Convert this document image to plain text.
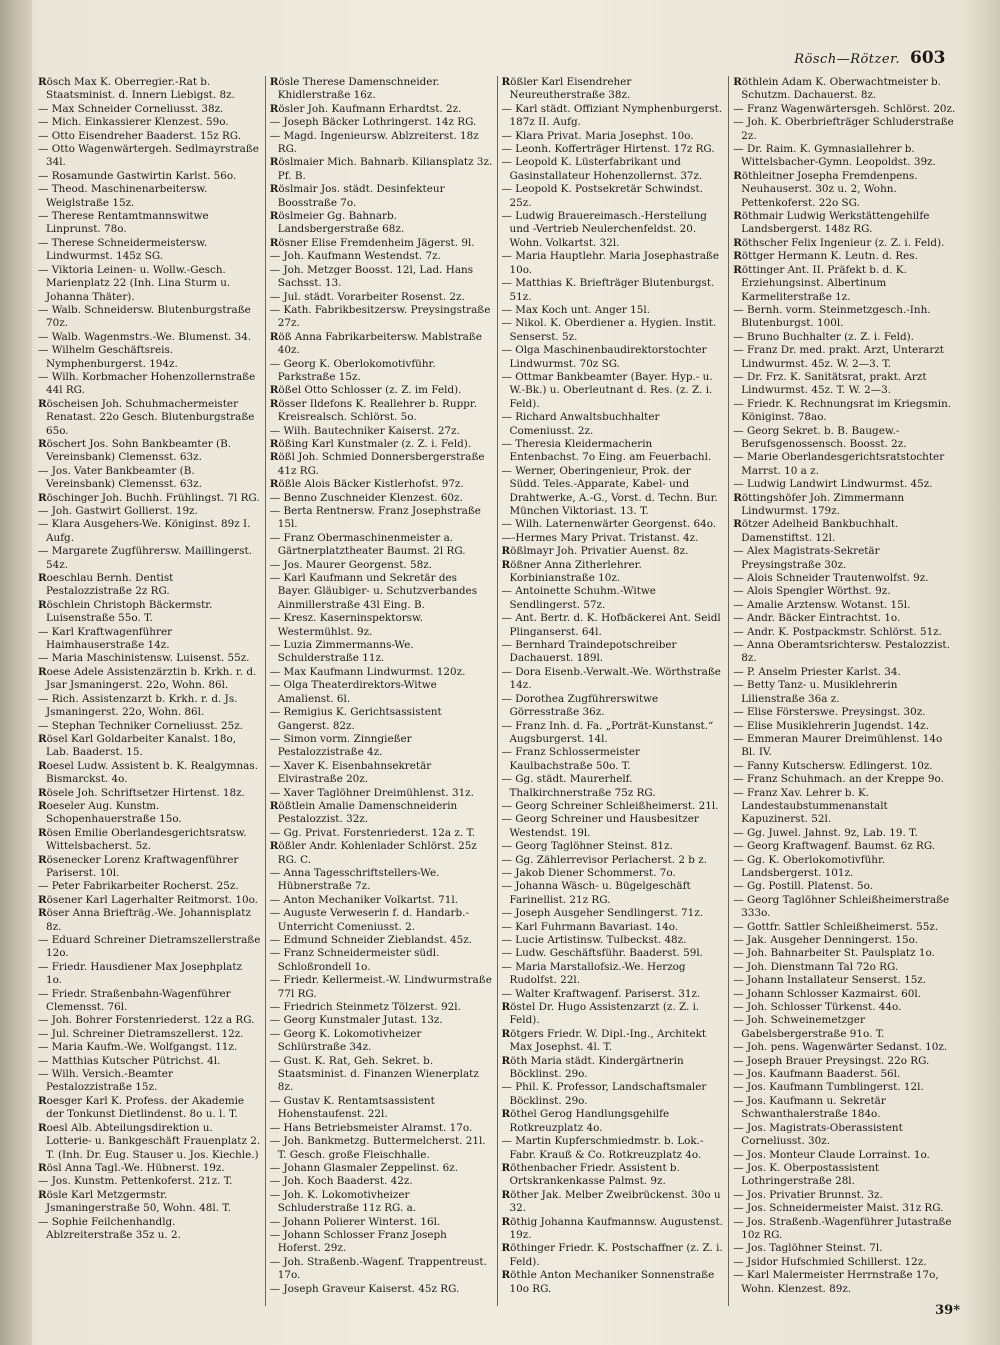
Rösch—Rötzer. 603
Rösch Max K. Oberregier.-Rat b. Staatsminist. d. Innern Liebigst. 8z.
— Max Schneider Corneliusst. 38z.
— Mich. Einkassierer Klenzest. 59o.
— Otto Eisendreher Baaderst. 15z RG.
— Otto Wagenwärtergeh. Sedlmayrstraße 34l.
— Rosamunde Gastwirtin Karlst. 56o.
— Theod. Maschinenarbeitersw. Weiglstraße 15z.
— Therese Rentamtmannswitwe Linprunst. 78o.
— Therese Schneidermeistersw. Lindwurmst. 145z SG.
— Viktoria Leinen- u. Wollw.-Gesch. Marienplatz 22 (Inh. Lina Sturm u. Johanna Thäter).
— Walb. Schneidersw. Blutenburgstraße 70z.
— Walb. Wagenmstrs.-We. Blumenst. 34.
— Wilhelm Geschäftsreis. Nymphenburgerst. 194z.
— Wilh. Korbmacher Hohenzollernstraße 44l RG.
Röscheisen Joh. Schuhmachermeister Renatast. 22o Gesch. Blutenburgstraße 65o.
Röschert Jos. Sohn Bankbeamter (B. Vereinsbank) Clemensst. 63z.
— Jos. Vater Bankbeamter (B. Vereinsbank) Clemensst. 63z.
Röschinger Joh. Buchh. Frühlingst. 7l RG.
— Joh. Gastwirt Gollierst. 19z.
— Klara Ausgehers-We. Königinst. 89z I. Aufg.
— Margarete Zugführersw. Maillingerst. 54z.
Roeschlau Bernh. Dentist Pestalozzistraße 2z RG.
Röschlein Christoph Bäckermstr. Luisenstraße 55o. T.
— Karl Kraftwagenführer Haimhauserstraße 14z.
— Maria Maschinistensw. Luisenst. 55z.
Roese Adele Assistenzärztin b. Krkh. r. d. Jsar Jsmaningerst. 22o, Wohn. 86l.
— Rich. Assistenzarzt b. Krkh. r. d. Js. Jsmaningerst. 22o, Wohn. 86l.
— Stephan Techniker Corneliusst. 25z.
Rösel Karl Goldarbeiter Kanalst. 18o, Lab. Baaderst. 15.
Roesel Ludw. Assistent b. K. Realgymnas. Bismarckst. 4o.
Rösele Joh. Schriftsetzer Hirtenst. 18z.
Roeseler Aug. Kunstm. Schopenhauerstraße 15o.
Rösen Emilie Oberlandesgerichtsratsw. Wittelsbacherst. 5z.
Rösenecker Lorenz Kraftwagenführer Pariserst. 10l.
— Peter Fabrikarbeiter Rocherst. 25z.
Rösener Karl Lagerhalter Reitmorst. 10o.
Röser Anna Briefträg.-We. Johannisplatz 8z.
— Eduard Schreiner Dietramszellerstraße 12o.
— Friedr. Hausdiener Max Josephplatz 1o.
— Friedr. Straßenbahn-Wagenführer Clemensst. 76l.
— Joh. Bohrer Forstenriederst. 12z a RG.
— Jul. Schreiner Dietramszellerst. 12z.
— Maria Kaufm.-We. Wolfgangst. 11z.
— Matthias Kutscher Pütrichst. 4l.
— Wilh. Versich.-Beamter Pestalozzistraße 15z.
Roesger Karl K. Profess. der Akademie der Tonkunst Dietlindenst. 8o u. l. T.
Roesl Alb. Abteilungsdirektion u. Lotterie- u. Bankgeschäft Frauenplatz 2. T. (Inh. Dr. Eug. Stauser u. Jos. Kiechle.)
Rösl Anna Tagl.-We. Hübnerst. 19z.
— Jos. Kunstm. Pettenkoferst. 21z. T.
Rösle Karl Metzgermstr. Jsmaningerstraße 50, Wohn. 48l. T.
— Sophie Feilchenhandlg. Ablzreiterstraße 35z u. 2.
Rösle Therese Damenschneider. Khidlerstraße 16z.
Rösler Joh. Kaufmann Erhardtst. 2z.
— Joseph Bäcker Lothringerst. 14z RG.
— Magd. Ingenieursw. Ablzreiterst. 18z RG.
Röslmaier Mich. Bahnarb. Kiliansplatz 3z. Pf. B.
Röslmair Jos. städt. Desinfekteur Boosstraße 7o.
Röslmeier Gg. Bahnarb. Landsbergerstraße 68z.
Rösner Elise Fremdenheim Jägerst. 9l.
— Joh. Kaufmann Westendst. 7z.
— Joh. Metzger Boosst. 12l, Lad. Hans Sachsst. 13.
— Jul. städt. Vorarbeiter Rosenst. 2z.
— Kath. Fabrikbesitzersw. Preysingstraße 27z.
Röß Anna Fabrikarbeitersw. Mablstraße 40z.
— Georg K. Oberlokomotivführ. Parkstraße 15z.
Rößel Otto Schlosser (z. Z. im Feld).
Rösser Ildefons K. Reallehrer b. Ruppr. Kreisrealsch. Schlörst. 5o.
— Wilh. Bautechniker Kaiserst. 27z.
Rößing Karl Kunstmaler (z. Z. i. Feld).
Rößl Joh. Schmied Donnersbergerstraße 41z RG.
Rößle Alois Bäcker Kistlerhofst. 97z.
— Benno Zuschneider Klenzest. 60z.
— Berta Rentnersw. Franz Josephstraße 15l.
— Franz Obermaschinenmeister a. Gärtnerplatztheater Baumst. 2l RG.
— Jos. Maurer Georgenst. 58z.
— Karl Kaufmann und Sekretär des Bayer. Gläubiger- u. Schutzverbandes Ainmillerstraße 43l Eing. B.
— Kresz. Kaserninspektorsw. Westermühlst. 9z.
— Luzia Zimmermanns-We. Schulderstraße 11z.
— Max Kaufmann Lindwurmst. 120z.
— Olga Theaterdirektors-Witwe Amalienst. 6l.
— Remigius K. Gerichtsassistent Gangerst. 82z.
— Simon vorm. Zinngießer Pestalozzistraße 4z.
— Xaver K. Eisenbahnsekretär Elvirastraße 20z.
— Xaver Taglöhner Dreimühlenst. 31z.
Rößtlein Amalie Damenschneiderin Pestalozzist. 32z.
— Gg. Privat. Forstenriederst. 12a z. T.
Rößler Andr. Kohlenlader Schlörst. 25z RG. C.
— Anna Tagesschriftstellers-We. Hübnerstraße 7z.
— Anton Mechaniker Volkartst. 71l.
— Auguste Verweserin f. d. Handarb.-Unterricht Comeniusst. 2.
— Edmund Schneider Zieblandst. 45z.
— Franz Schneidermeister südl. Schloßrondell 1o.
— Friedr. Kellermeist.-W. Lindwurmstraße 77l RG.
— Friedrich Steinmetz Tölzerst. 92l.
— Georg Kunstmaler Jutast. 13z.
— Georg K. Lokomotivheizer Schlürstraße 34z.
— Gust. K. Rat, Geh. Sekret. b. Staatsminist. d. Finanzen Wienerplatz 8z.
— Gustav K. Rentamtsassistent Hohenstaufenst. 22l.
— Hans Betriebsmeister Alramst. 17o.
— Joh. Bankmetzg. Buttermelcherst. 21l. T. Gesch. große Fleischhalle.
— Johann Glasmaler Zeppelinst. 6z.
— Joh. Koch Baaderst. 42z.
— Joh. K. Lokomotivheizer Schluderstraße 11z RG. a.
— Johann Polierer Winterst. 16l.
— Johann Schlosser Franz Joseph Hoferst. 29z.
— Joh. Straßenb.-Wagenf. Trappentreust. 17o.
— Joseph Graveur Kaiserst. 45z RG.
Rößler Karl Eisendreher Neureutherstraße 38z.
— Karl städt. Offiziant Nymphenburgerst. 187z II. Aufg.
— Klara Privat. Maria Josephst. 10o.
— Leonh. Kofferträger Hirtenst. 17z RG.
— Leopold K. Lüsterfabrikant und Gasinstallateur Hohenzollernst. 37z.
— Leopold K. Postsekretär Schwindst. 25z.
— Ludwig Brauereimasch.-Herstellung und -Vertrieb Neulerchenfeldst. 20. Wohn. Volkartst. 32l.
— Maria Hauptlehr. Maria Josephastraße 10o.
— Matthias K. Briefträger Blutenburgst. 51z.
— Max Koch unt. Anger 15l.
— Nikol. K. Oberdiener a. Hygien. Instit. Senserst. 5z.
— Olga Maschinenbaudirektorstochter Lindwurmst. 70z SG.
— Ottmar Bankbeamter (Bayer. Hyp.- u. W.-Bk.) u. Oberleutnant d. Res. (z. Z. i. Feld).
— Richard Anwaltsbuchhalter Comeniusst. 2z.
— Theresia Kleidermacherin Entenbachst. 7o Eing. am Feuerbachl.
— Werner, Oberingenieur, Prok. der Südd. Teles.-Apparate, Kabel- und Drahtwerke, A.-G., Vorst. d. Techn. Bur. München Viktoriast. 13. T.
— Wilh. Laternenwärter Georgenst. 64o.
—-Hermes Mary Privat. Tristanst. 4z.
Rößlmayr Joh. Privatier Auenst. 8z.
Rößner Anna Zitherlehrer. Korbinianstraße 10z.
— Antoinette Schuhm.-Witwe Sendlingerst. 57z.
— Ant. Bertr. d. K. Hofbäckerei Ant. Seidl Plinganserst. 64l.
— Bernhard Traindepotschreiber Dachauerst. 189l.
— Dora Eisenb.-Verwalt.-We. Wörthstraße 14z.
— Dorothea Zugführerswitwe Görresstraße 36z.
— Franz Inh. d. Fa. „Porträt-Kunstanst.“ Augsburgerst. 14l.
— Franz Schlossermeister Kaulbachstraße 50o. T.
— Gg. städt. Maurerhelf. Thalkirchnerstraße 75z RG.
— Georg Schreiner Schleißheimerst. 21l.
— Georg Schreiner und Hausbesitzer Westendst. 19l.
— Georg Taglöhner Steinst. 81z.
— Gg. Zählerrevisor Perlacherst. 2 b z.
— Jakob Diener Schommerst. 7o.
— Johanna Wäsch- u. Bügelgeschäft Farinellist. 21z RG.
— Joseph Ausgeher Sendlingerst. 71z.
— Karl Fuhrmann Bavariast. 14o.
— Lucie Artistinsw. Tulbeckst. 48z.
— Ludw. Geschäftsführ. Baaderst. 59l.
— Maria Marstallofsiz.-We. Herzog Rudolfst. 22l.
— Walter Kraftwagenf. Pariserst. 31z.
Röstel Dr. Hugo Assistenzarzt (z. Z. i. Feld).
Rötgers Friedr. W. Dipl.-Ing., Architekt Max Josephst. 4l. T.
Röth Maria städt. Kindergärtnerin Böcklinst. 29o.
— Phil. K. Professor, Landschaftsmaler Böcklinst. 29o.
Röthel Gerog Handlungsgehilfe Rotkreuzplatz 4o.
— Martin Kupferschmiedmstr. b. Lok.-Fabr. Krauß & Co. Rotkreuzplatz 4o.
Röthenbacher Friedr. Assistent b. Ortskrankenkasse Palmst. 9z.
Röther Jak. Melber Zweibrückenst. 30o u 32.
Röthig Johanna Kaufmannsw. Augustenst. 19z.
Röthinger Friedr. K. Postschaffner (z. Z. i. Feld).
Röthle Anton Mechaniker Sonnenstraße 10o RG.
Röthlein Adam K. Oberwachtmeister b. Schutzm. Dachauerst. 8z.
— Franz Wagenwärtersgeh. Schlörst. 20z.
— Joh. K. Oberbriefträger Schluderstraße 2z.
— Dr. Raim. K. Gymnasiallehrer b. Wittelsbacher-Gymn. Leopoldst. 39z.
Röthleitner Josepha Fremdenpens. Neuhauserst. 30z u. 2, Wohn. Pettenkoferst. 22o SG.
Röthmair Ludwig Werkstättengehilfe Landsbergerst. 148z RG.
Röthscher Felix Ingenieur (z. Z. i. Feld).
Röttger Hermann K. Leutn. d. Res.
Röttinger Ant. II. Präfekt b. d. K. Erziehungsinst. Albertinum Karmeliterstraße 1z.
— Bernh. vorm. Steinmetzgesch.-Inh. Blutenburgst. 100l.
— Bruno Buchhalter (z. Z. i. Feld).
— Franz Dr. med. prakt. Arzt, Unterarzt Lindwurmst. 45z. W. 2—3. T.
— Dr. Frz. K. Sanitätsrat, prakt. Arzt Lindwurmst. 45z. T. W. 2—3.
— Friedr. K. Rechnungsrat im Kriegsmin. Königinst. 78ao.
— Georg Sekret. b. B. Baugew.-Berufsgenossensch. Boosst. 2z.
— Marie Oberlandesgerichtsratstochter Marrst. 10 a z.
— Ludwig Landwirt Lindwurmst. 45z.
Röttingshöfer Joh. Zimmermann Lindwurmst. 179z.
Rötzer Adelheid Bankbuchhalt. Damenstiftst. 12l.
— Alex Magistrats-Sekretär Preysingstraße 30z.
— Alois Schneider Trautenwolfst. 9z.
— Alois Spengler Wörthst. 9z.
— Amalie Arztensw. Wotanst. 15l.
— Andr. Bäcker Eintrachtst. 1o.
— Andr. K. Postpackmstr. Schlörst. 51z.
— Anna Oberamtsrichtersw. Pestalozzist. 8z.
— P. Anselm Priester Karlst. 34.
— Betty Tanz- u. Musiklehrerin Lilienstraße 36a z.
— Elise Försterswe. Preysingst. 30z.
— Elise Musiklehrerin Jugendst. 14z.
— Emmeran Maurer Dreimühlenst. 14o Bl. IV.
— Fanny Kutschersw. Edlingerst. 10z.
— Franz Schuhmach. an der Kreppe 9o.
— Franz Xav. Lehrer b. K. Landestaubstummenanstalt Kapuzinerst. 52l.
— Gg. Juwel. Jahnst. 9z, Lab. 19. T.
— Georg Kraftwagenf. Baumst. 6z RG.
— Gg. K. Oberlokomotivführ. Landsbergerst. 101z.
— Gg. Postill. Platenst. 5o.
— Georg Taglöhner Schleißheimerstraße 333o.
— Gottfr. Sattler Schleißheimerst. 55z.
— Jak. Ausgeher Denningerst. 15o.
— Joh. Bahnarbeiter St. Paulsplatz 1o.
— Joh. Dienstmann Tal 72o RG.
— Johann Installateur Senserst. 15z.
— Johann Schlosser Kazmairst. 60l.
— Joh. Schlosser Türkenst. 44o.
— Joh. Schweinemetzger Gabelsbergerstraße 91o. T.
— Joh. pens. Wagenwärter Sedanst. 10z.
— Joseph Brauer Preysingst. 22o RG.
— Jos. Kaufmann Baaderst. 56l.
— Jos. Kaufmann Tumblingerst. 12l.
— Jos. Kaufmann u. Sekretär Schwanthalerstraße 184o.
— Jos. Magistrats-Oberassistent Corneliusst. 30z.
— Jos. Monteur Claude Lorrainst. 1o.
— Jos. K. Oberpostassistent Lothringerstraße 28l.
— Jos. Privatier Brunnst. 3z.
— Jos. Schneidermeister Maist. 31z RG.
— Jos. Straßenb.-Wagenführer Jutastraße 10z RG.
— Jos. Taglöhner Steinst. 7l.
— Jsidor Hufschmied Schillerst. 12z.
— Karl Malermeister Herrnstraße 17o, Wohn. Klenzest. 89z.
39*
